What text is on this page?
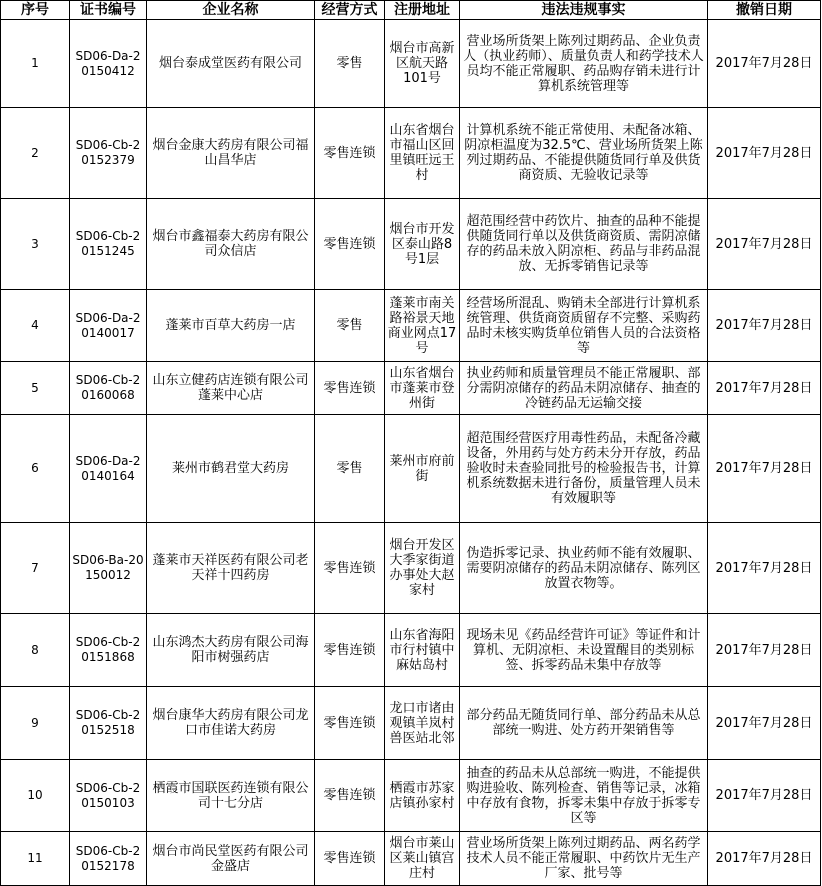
序号	证书编号	企业名称	经营方式	注册地址	违法违规事实	撤销日期
1	SD06-Da-20150412	烟台泰成堂医药有限公司	零售	烟台市高新区航天路101号	营业场所货架上陈列过期药品、企业负责人（执业药师）、质量负责人和药学技术人员均不能正常履职、药品购存销未进行计算机系统管理等	2017年7月28日
2	SD06-Cb-20152379	烟台金康大药房有限公司福山昌华店	零售连锁	山东省烟台市福山区回里镇旺远王村	计算机系统不能正常使用、未配备冰箱、阴凉柜温度为32.5℃、营业场所货架上陈列过期药品、不能提供随货同行单及供货商资质、无验收记录等	2017年7月28日
3	SD06-Cb-20151245	烟台市鑫福泰大药房有限公司众信店	零售连锁	烟台市开发区泰山路8号1层	超范围经营中药饮片、抽查的品种不能提供随货同行单以及供货商资质、需阴凉储存的药品未放入阴凉柜、药品与非药品混放、无拆零销售记录等	2017年7月28日
4	SD06-Da-20140017	蓬莱市百草大药房一店	零售	蓬莱市南关路裕景天地商业网点17号	经营场所混乱、购销未全部进行计算机系统管理、供货商资质留存不完整、采购药品时未核实购货单位销售人员的合法资格等	2017年7月28日
5	SD06-Cb-20160068	山东立健药店连锁有限公司蓬莱中心店	零售连锁	山东省烟台市蓬莱市登州街	执业药师和质量管理员不能正常履职、部分需阴凉储存的药品未阴凉储存、抽查的冷链药品无运输交接	2017年7月28日
6	SD06-Da-20140164	莱州市鹤君堂大药房	零售	莱州市府前街	超范围经营医疗用毒性药品，未配备冷藏设备，外用药与处方药未分开存放，药品验收时未查验同批号的检验报告书，计算机系统数据未进行备份，质量管理人员未有效履职等	2017年7月28日
7	SD06-Ba-20150012	蓬莱市天祥医药有限公司老天祥十四药房	零售连锁	烟台开发区大季家街道办事处大赵家村	伪造拆零记录、执业药师不能有效履职、需要阴凉储存的药品未阴凉储存、陈列区放置衣物等。	2017年7月28日
8	SD06-Cb-20151868	山东鸿杰大药房有限公司海阳市树强药店	零售连锁	山东省海阳市行村镇中麻姑岛村	现场未见《药品经营许可证》等证件和计算机、无阴凉柜、未设置醒目的类别标签、拆零药品未集中存放等	2017年7月28日
9	SD06-Cb-20152518	烟台康华大药房有限公司龙口市佳诺大药房	零售连锁	龙口市诸由观镇羊岚村兽医站北邻	部分药品无随货同行单、部分药品未从总部统一购进、处方药开架销售等	2017年7月28日
10	SD06-Cb-20150103	栖霞市国联医药连锁有限公司十七分店	零售连锁	栖霞市苏家店镇孙家村	抽查的药品未从总部统一购进，不能提供购进验收、陈列检查、销售等记录，冰箱中存放有食物，拆零未集中存放于拆零专区等	2017年7月28日
11	SD06-Cb-20152178	烟台市尚民堂医药有限公司金盛店	零售连锁	烟台市莱山区莱山镇宫庄村	营业场所货架上陈列过期药品、两名药学技术人员不能正常履职、中药饮片无生产厂家、批号等	2017年7月28日
